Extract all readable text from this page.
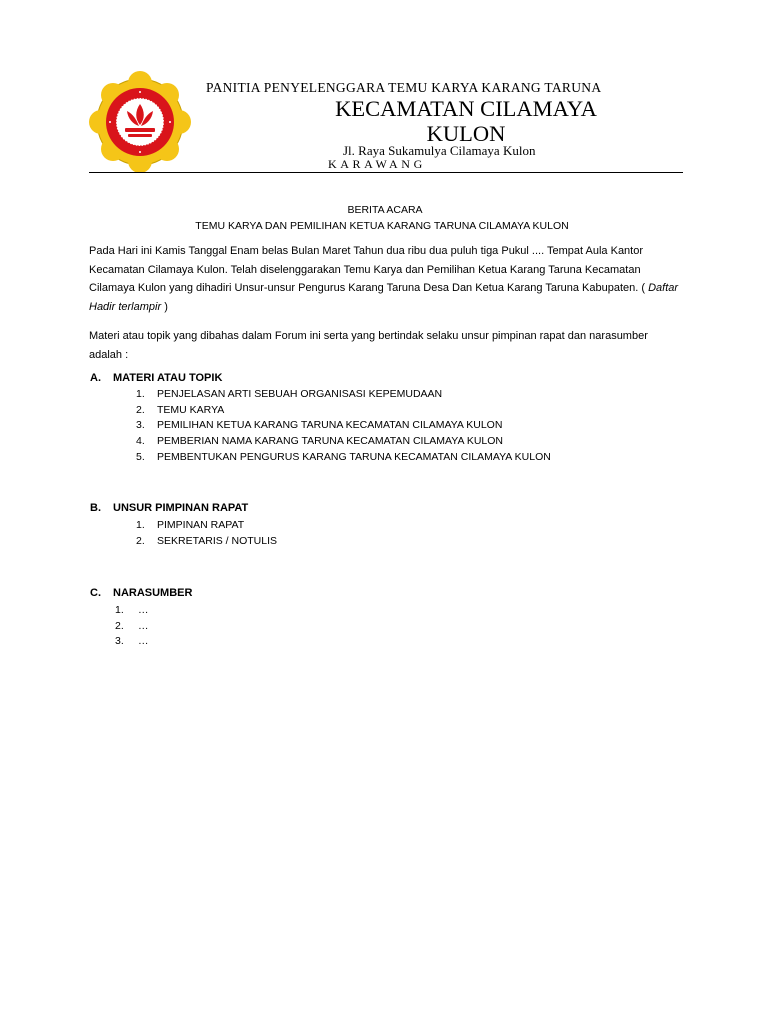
PANITIA PENYELENGGARA TEMU KARYA KARANG TARUNA
KECAMATAN CILAMAYA
KULON
Jl. Raya Sukamulya Cilamaya Kulon
KARAWANG
BERITA ACARA
TEMU KARYA DAN PEMILIHAN KETUA KARANG TARUNA CILAMAYA KULON
Pada Hari ini Kamis Tanggal Enam belas Bulan Maret Tahun dua ribu dua puluh tiga Pukul .... Tempat Aula Kantor Kecamatan Cilamaya Kulon. Telah diselenggarakan Temu Karya dan Pemilihan Ketua Karang Taruna Kecamatan Cilamaya Kulon yang dihadiri Unsur-unsur Pengurus Karang Taruna Desa Dan Ketua Karang Taruna Kabupaten. ( Daftar Hadir terlampir )
Materi atau topik yang dibahas dalam Forum ini serta yang bertindak selaku unsur pimpinan rapat dan narasumber adalah :
A. MATERI ATAU TOPIK
1. PENJELASAN ARTI SEBUAH ORGANISASI KEPEMUDAAN
2. TEMU KARYA
3. PEMILIHAN KETUA KARANG TARUNA KECAMATAN CILAMAYA KULON
4. PEMBERIAN NAMA KARANG TARUNA KECAMATAN CILAMAYA KULON
5. PEMBENTUKAN PENGURUS KARANG TARUNA KECAMATAN CILAMAYA KULON
B. UNSUR PIMPINAN RAPAT
1. PIMPINAN RAPAT
2. SEKRETARIS / NOTULIS
C. NARASUMBER
1. …
2. …
3. …
